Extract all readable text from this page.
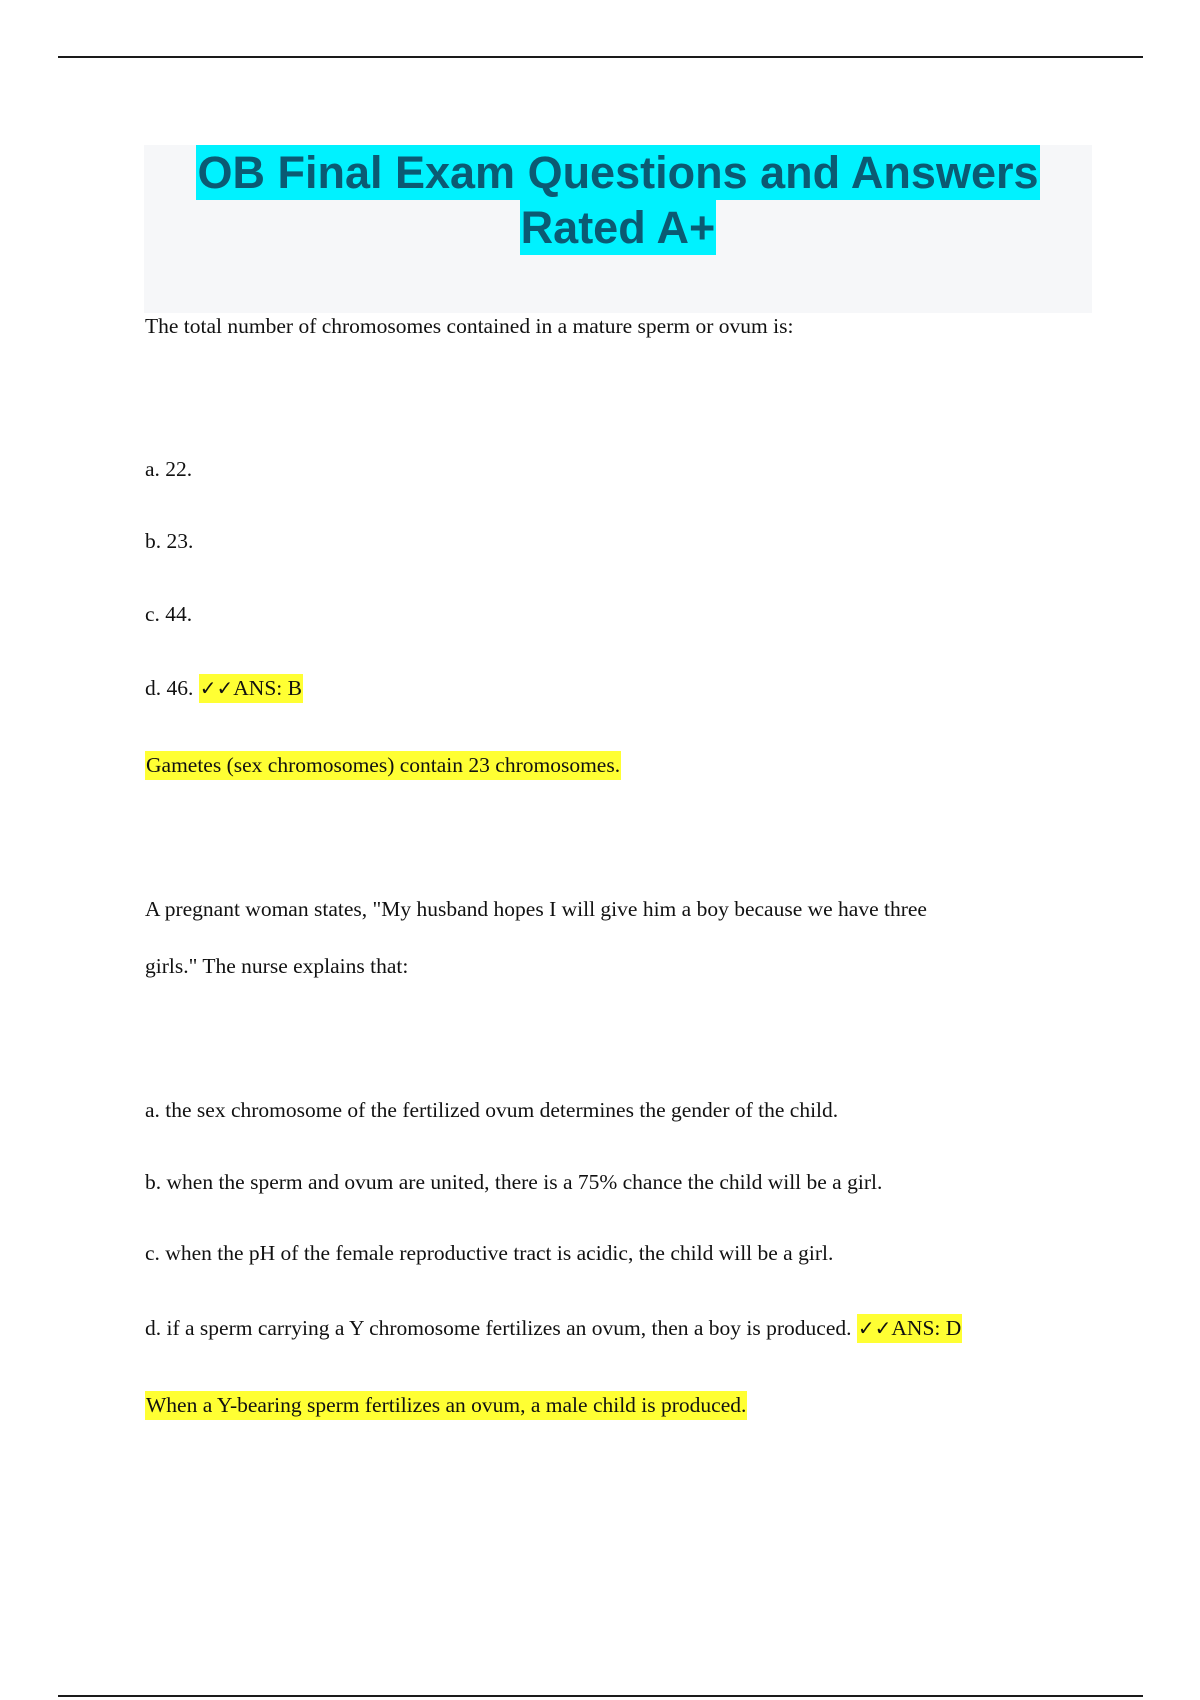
OB Final Exam Questions and Answers
Rated A+
The total number of chromosomes contained in a mature sperm or ovum is:
a. 22.
b. 23.
c. 44.
d. 46. ✓✓ANS: B
Gametes (sex chromosomes) contain 23 chromosomes.
A pregnant woman states, "My husband hopes I will give him a boy because we have three
girls." The nurse explains that:
a. the sex chromosome of the fertilized ovum determines the gender of the child.
b. when the sperm and ovum are united, there is a 75% chance the child will be a girl.
c. when the pH of the female reproductive tract is acidic, the child will be a girl.
d. if a sperm carrying a Y chromosome fertilizes an ovum, then a boy is produced. ✓✓ANS: D
When a Y-bearing sperm fertilizes an ovum, a male child is produced.
